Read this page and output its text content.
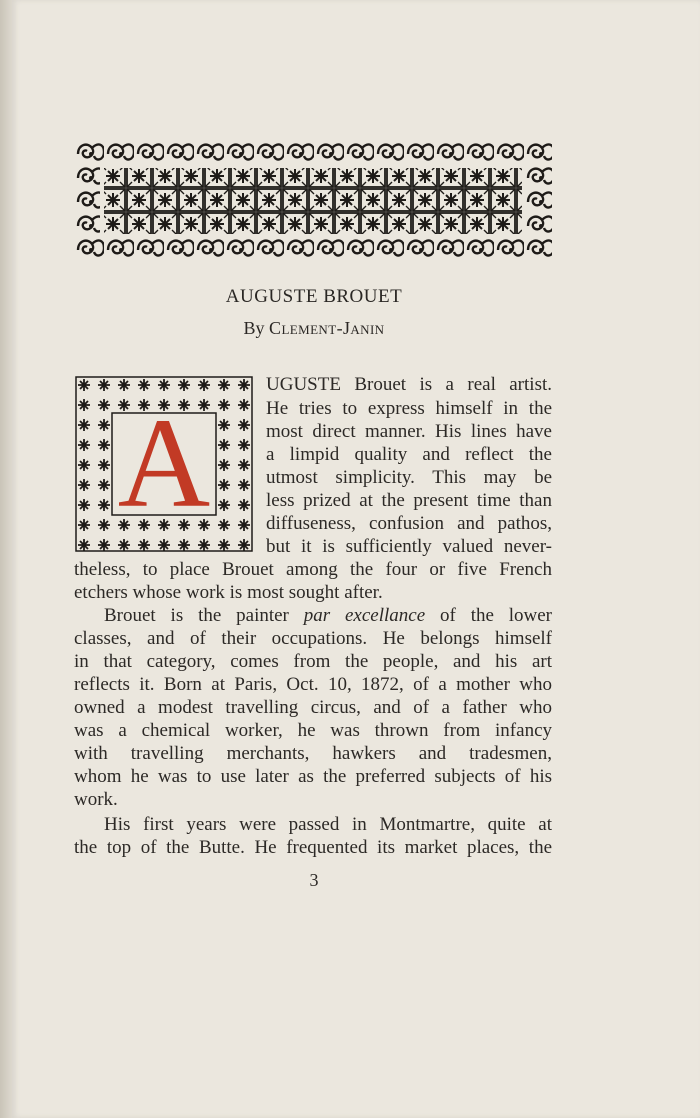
AUGUSTE BROUET
By Clement-Janin
A
UGUSTE Brouet is a real artist.
He tries to express himself in the
most direct manner. His lines have
a limpid quality and reflect the
utmost simplicity. This may be
less prized at the present time than
diffuseness, confusion and pathos,
but it is sufficiently valued never-
theless, to place Brouet among the four or five French
etchers whose work is most sought after.
Brouet is the painter par excellance of the lower
classes, and of their occupations. He belongs himself
in that category, comes from the people, and his art
reflects it. Born at Paris, Oct. 10, 1872, of a mother who
owned a modest travelling circus, and of a father who
was a chemical worker, he was thrown from infancy
with travelling merchants, hawkers and tradesmen,
whom he was to use later as the preferred subjects of his
work.
His first years were passed in Montmartre, quite at
the top of the Butte. He frequented its market places, the
3
